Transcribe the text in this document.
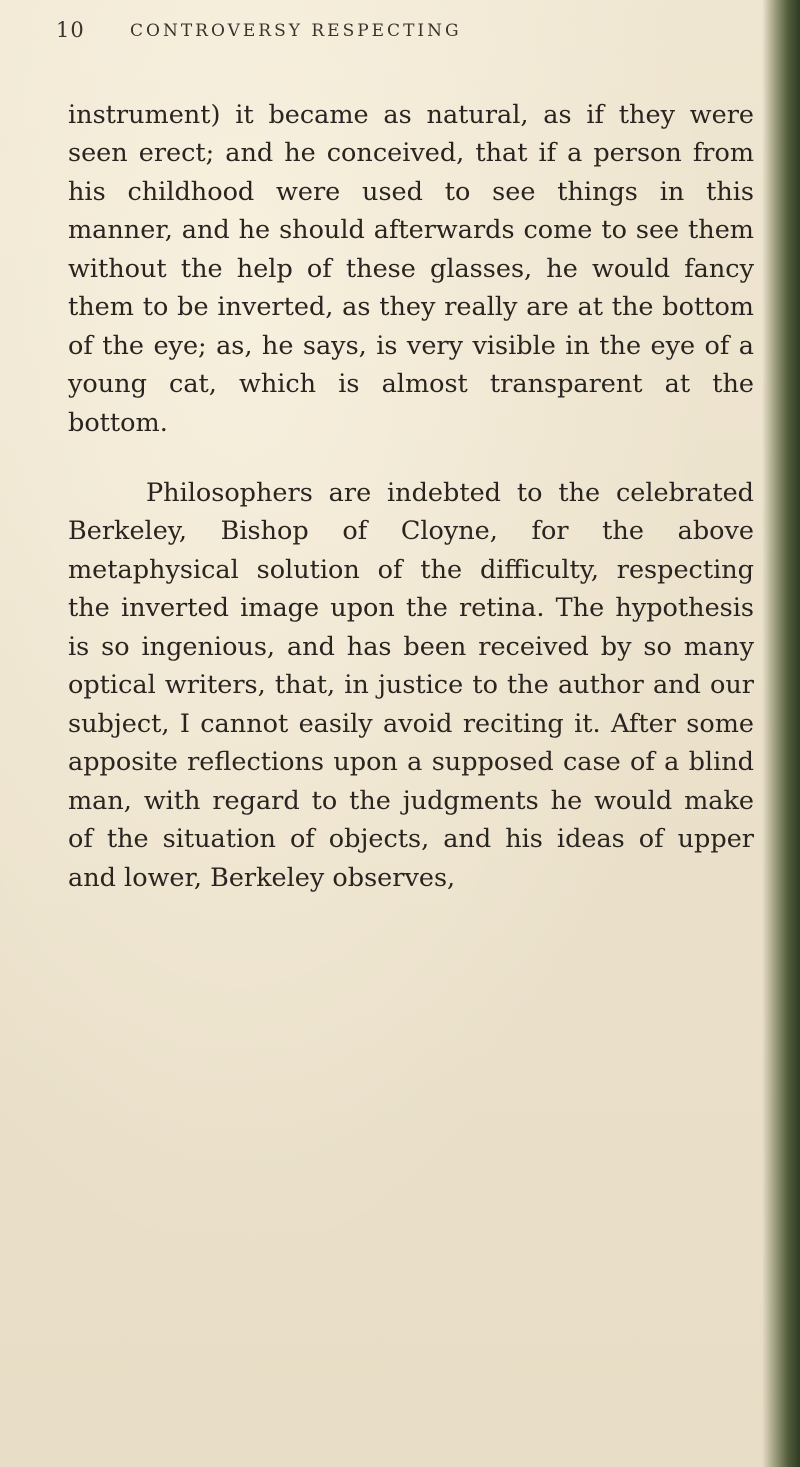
10	CONTROVERSY RESPECTING

instrument) it became as natural, as if they were seen erect; and he conceived, that if a person from his childhood were used to see things in this manner, and he should afterwards come to see them without the help of these glasses, he would fancy them to be inverted, as they really are at the bottom of the eye; as, he says, is very visible in the eye of a young cat, which is almost transparent at the bottom.

Philosophers are indebted to the celebrated Berkeley, Bishop of Cloyne, for the above metaphysical solution of the difficulty, respecting the inverted image upon the retina. The hypothesis is so ingenious, and has been received by so many optical writers, that, in justice to the author and our subject, I cannot easily avoid reciting it. After some apposite reflections upon a supposed case of a blind man, with regard to the judgments he would make of the situation of objects, and his ideas of upper and lower, Berkeley observes,
